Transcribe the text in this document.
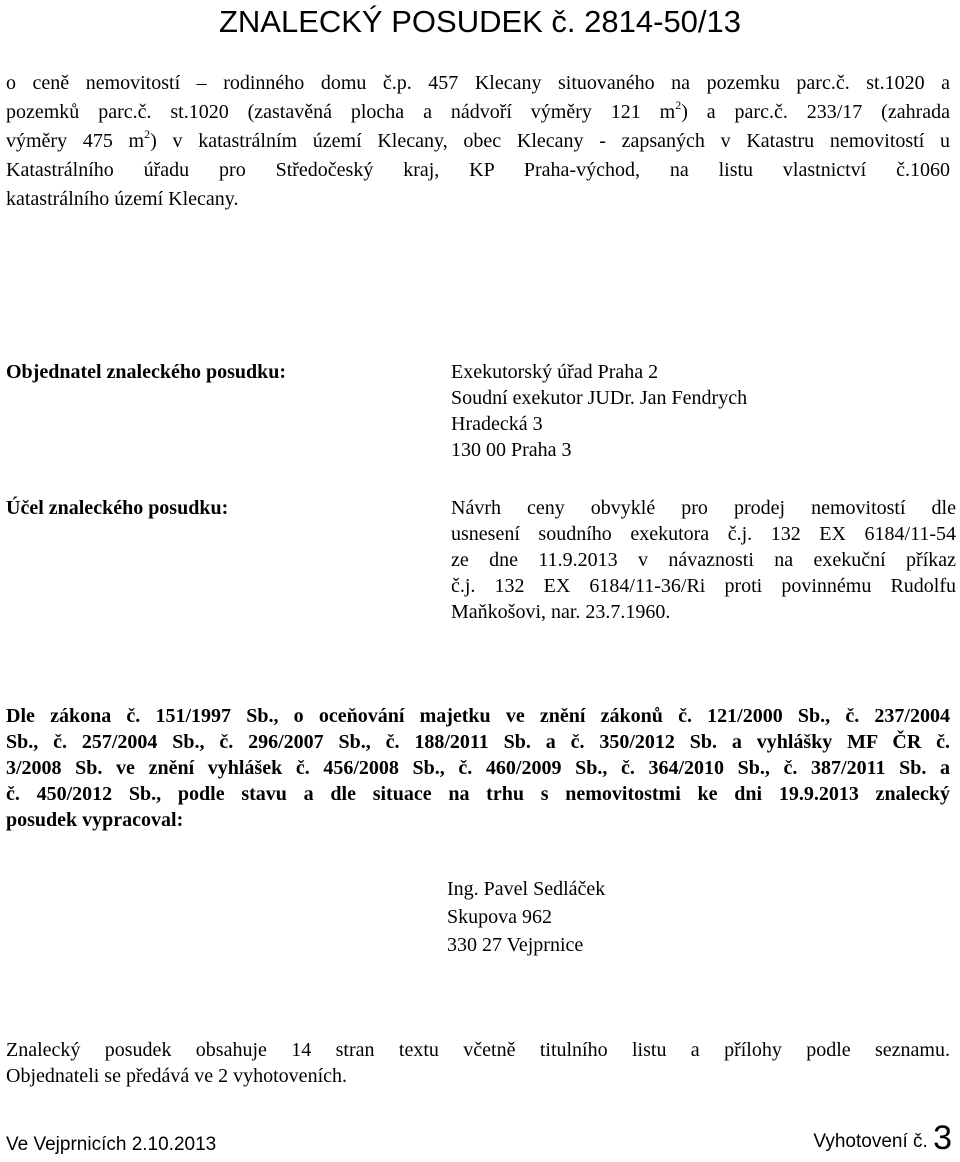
ZNALECKÝ POSUDEK č. 2814-50/13
o ceně nemovitostí – rodinného domu č.p. 457 Klecany situovaného na pozemku parc.č. st.1020 a
pozemků parc.č. st.1020 (zastavěná plocha a nádvoří výměry 121 $m^2$) a parc.č. 233/17 (zahrada
výměry 475 $m^2$) v katastrálním území Klecany, obec Klecany - zapsaných v Katastru nemovitostí u
Katastrálního úřadu pro Středočeský kraj, KP Praha-východ, na listu vlastnictví č.1060
katastrálního území Klecany.
Objednatel znaleckého posudku:	Exekutorský úřad Praha 2
Soudní exekutor JUDr. Jan Fendrych
Hradecká 3
130 00 Praha 3
Účel znaleckého posudku:	Návrh ceny obvyklé pro prodej nemovitostí dle
usnesení soudního exekutora č.j. 132 EX 6184/11-54
ze dne 11.9.2013 v návaznosti na exekuční příkaz
č.j. 132 EX 6184/11-36/Ri proti povinnému Rudolfu
Maňkošovi, nar. 23.7.1960.
Dle zákona č. 151/1997 Sb., o oceňování majetku ve znění zákonů č. 121/2000 Sb., č. 237/2004
Sb., č. 257/2004 Sb., č. 296/2007 Sb., č. 188/2011 Sb. a č. 350/2012 Sb. a vyhlášky MF ČR č.
3/2008 Sb. ve znění vyhlášek č. 456/2008 Sb., č. 460/2009 Sb., č. 364/2010 Sb., č. 387/2011 Sb. a
č. 450/2012 Sb., podle stavu a dle situace na trhu s nemovitostmi ke dni 19.9.2013 znalecký
posudek vypracoval:
Ing. Pavel Sedláček
Skupova 962
330 27 Vejprnice
Znalecký posudek obsahuje 14 stran textu včetně titulního listu a přílohy podle seznamu.
Objednateli se předává ve 2 vyhotoveních.
Ve Vejprnicích 2.10.2013	Vyhotovení č. 3
